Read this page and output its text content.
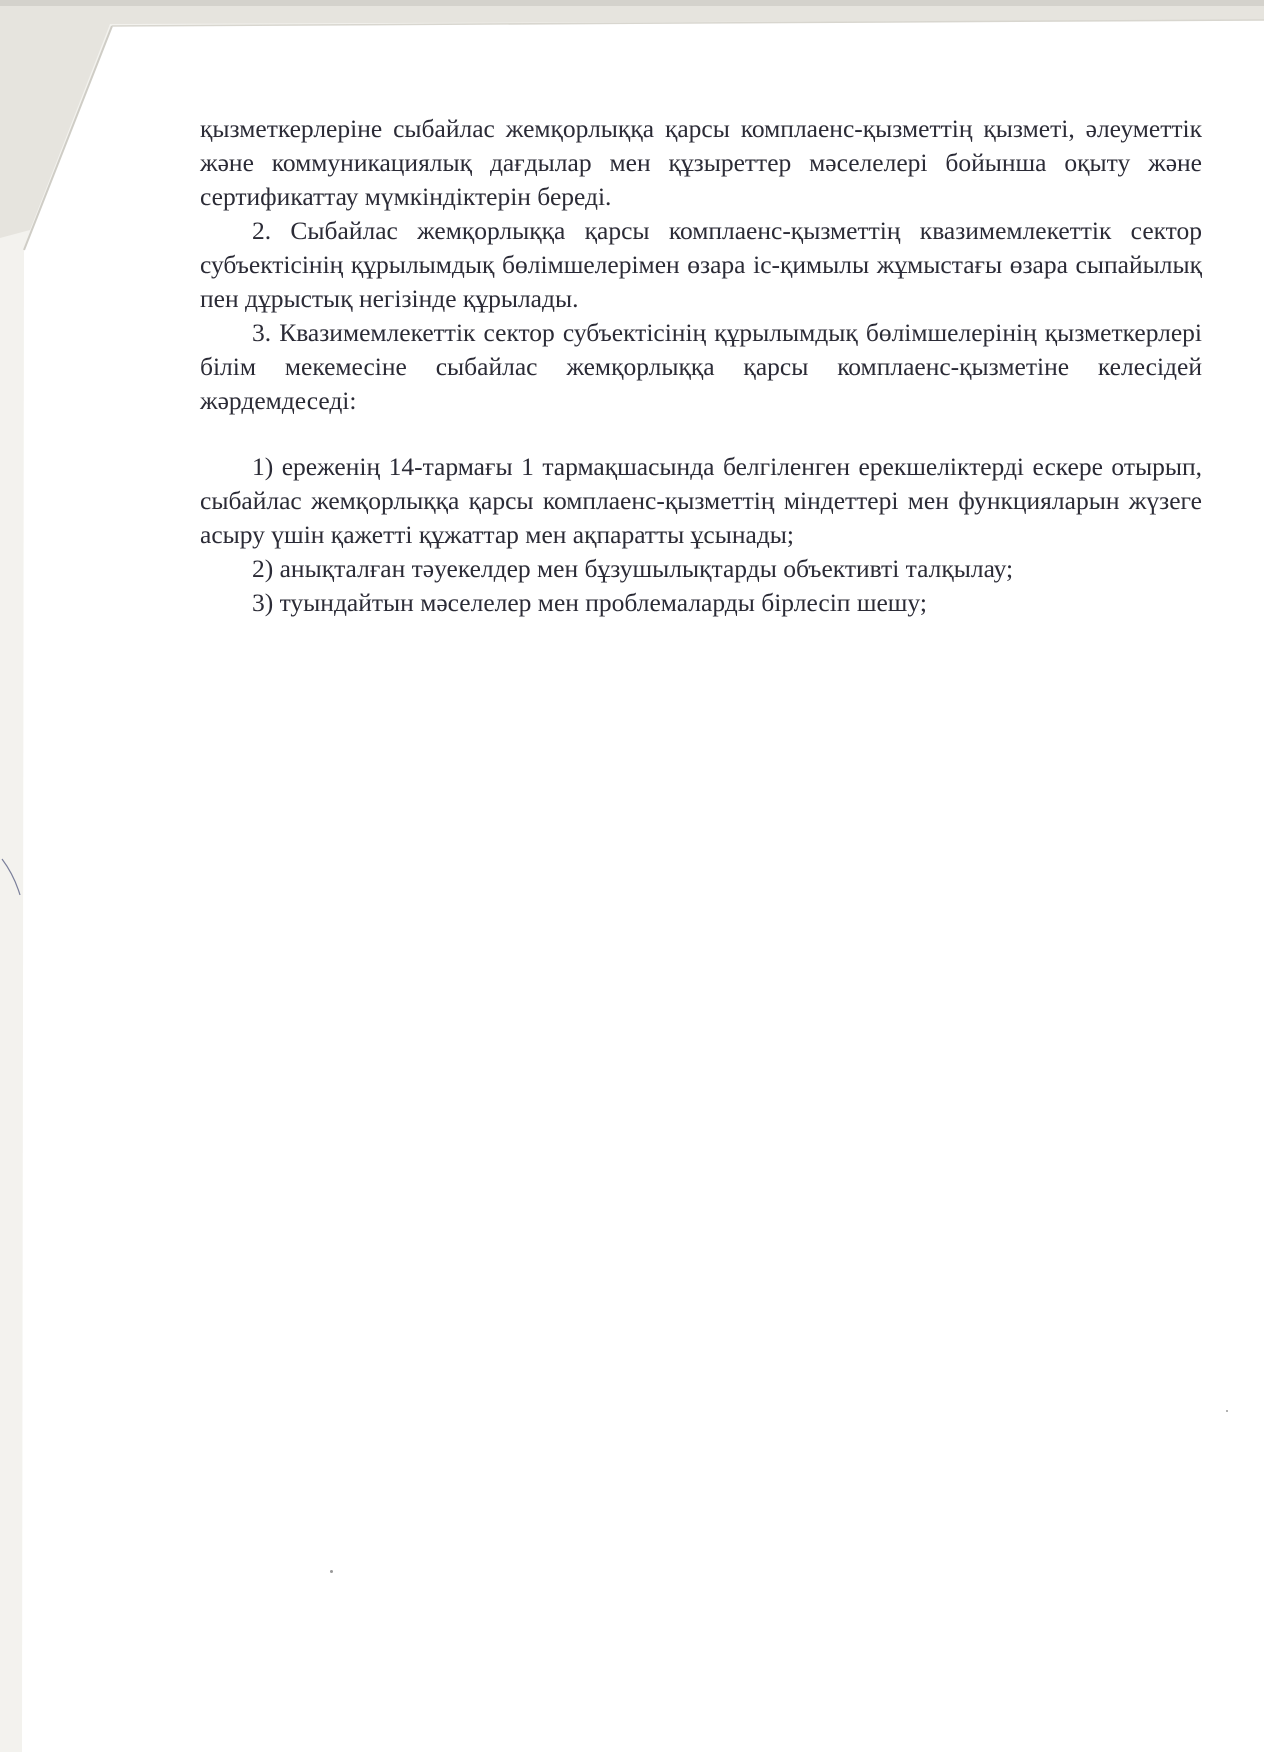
қызметкерлеріне сыбайлас жемқорлыққа қарсы комплаенс-қызметтің қызметі, әлеуметтік және коммуникациялық дағдылар мен құзыреттер мәселелері бойынша оқыту және сертификаттау мүмкіндіктерін береді.

2. Сыбайлас жемқорлыққа қарсы комплаенс-қызметтің квазимемлекеттік сектор субъектісінің құрылымдық бөлімшелерімен өзара іс-қимылы жұмыстағы өзара сыпайылық пен дұрыстық негізінде құрылады.

3. Квазимемлекеттік сектор субъектісінің құрылымдық бөлімшелерінің қызметкерлері білім мекемесіне сыбайлас жемқорлыққа қарсы комплаенс-қызметіне келесідей жәрдемдеседі:

1) ереженің 14-тармағы 1 тармақшасында белгіленген ерекшеліктерді ескере отырып, сыбайлас жемқорлыққа қарсы комплаенс-қызметтің міндеттері мен функцияларын жүзеге асыру үшін қажетті құжаттар мен ақпаратты ұсынады;

2) анықталған тәуекелдер мен бұзушылықтарды объективті талқылау;

3) туындайтын мәселелер мен проблемаларды бірлесіп шешу;
